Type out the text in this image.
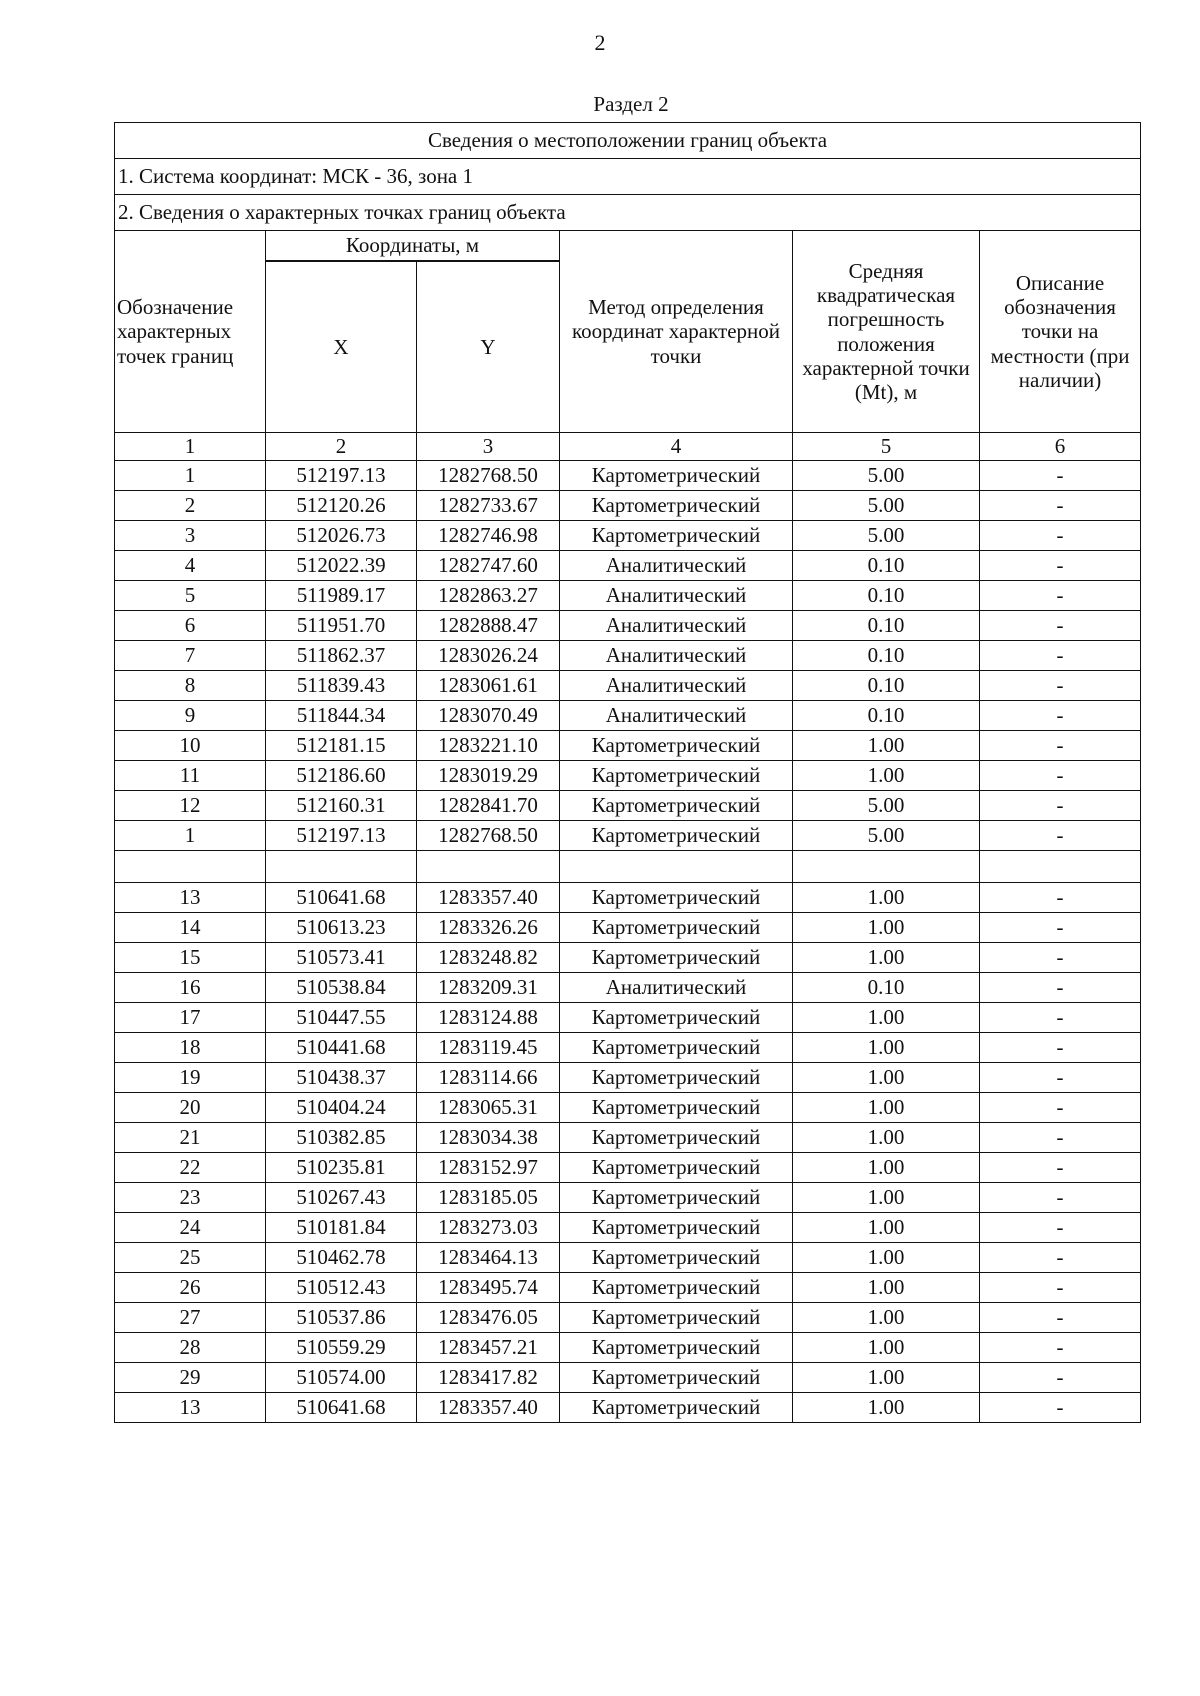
2
Раздел 2
Сведения о местоположении границ объекта					
1. Система координат: МСК - 36, зона 1					
2. Сведения о характерных точках границ объекта					
Обозначение характерных точек границ	Координаты, м		Метод определения координат характерной точки	Средняя квадратическая погрешность положения характерной точки (Mt), м	Описание обозначения точки на местности (при наличии)
	X	Y			
1	2	3	4	5	6
1	512197.13	1282768.50	Картометрический	5.00	-
2	512120.26	1282733.67	Картометрический	5.00	-
3	512026.73	1282746.98	Картометрический	5.00	-
4	512022.39	1282747.60	Аналитический	0.10	-
5	511989.17	1282863.27	Аналитический	0.10	-
6	511951.70	1282888.47	Аналитический	0.10	-
7	511862.37	1283026.24	Аналитический	0.10	-
8	511839.43	1283061.61	Аналитический	0.10	-
9	511844.34	1283070.49	Аналитический	0.10	-
10	512181.15	1283221.10	Картометрический	1.00	-
11	512186.60	1283019.29	Картометрический	1.00	-
12	512160.31	1282841.70	Картометрический	5.00	-
1	512197.13	1282768.50	Картометрический	5.00	-

13	510641.68	1283357.40	Картометрический	1.00	-
14	510613.23	1283326.26	Картометрический	1.00	-
15	510573.41	1283248.82	Картометрический	1.00	-
16	510538.84	1283209.31	Аналитический	0.10	-
17	510447.55	1283124.88	Картометрический	1.00	-
18	510441.68	1283119.45	Картометрический	1.00	-
19	510438.37	1283114.66	Картометрический	1.00	-
20	510404.24	1283065.31	Картометрический	1.00	-
21	510382.85	1283034.38	Картометрический	1.00	-
22	510235.81	1283152.97	Картометрический	1.00	-
23	510267.43	1283185.05	Картометрический	1.00	-
24	510181.84	1283273.03	Картометрический	1.00	-
25	510462.78	1283464.13	Картометрический	1.00	-
26	510512.43	1283495.74	Картометрический	1.00	-
27	510537.86	1283476.05	Картометрический	1.00	-
28	510559.29	1283457.21	Картометрический	1.00	-
29	510574.00	1283417.82	Картометрический	1.00	-
13	510641.68	1283357.40	Картометрический	1.00	-
